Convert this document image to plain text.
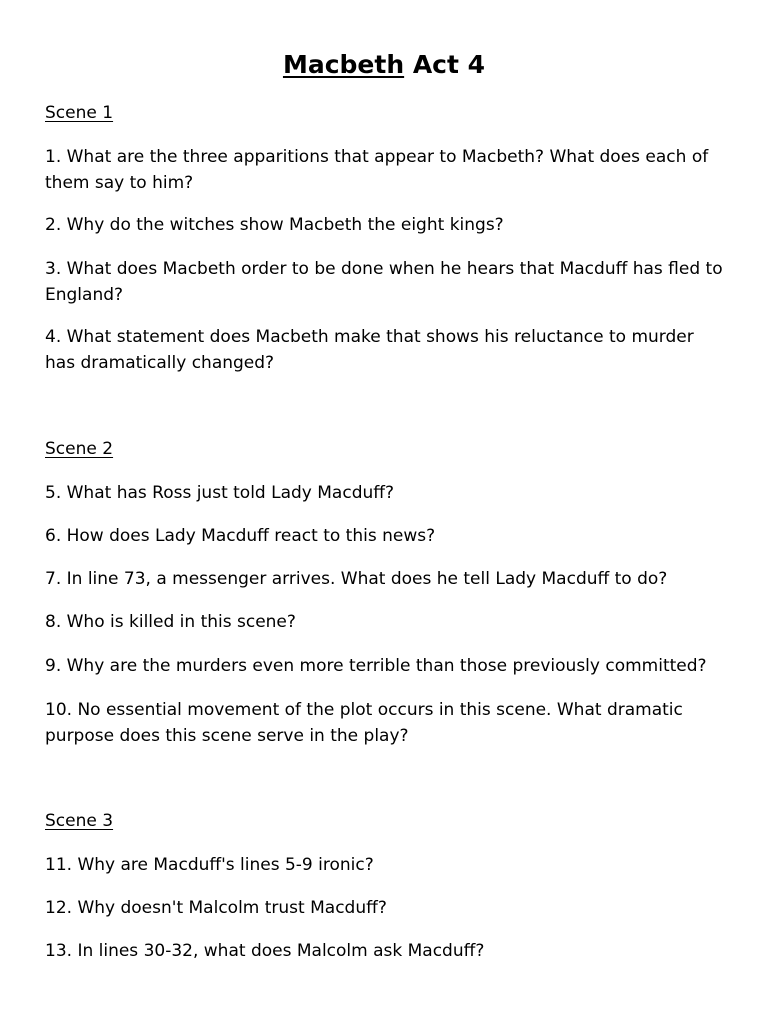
Macbeth Act 4
Scene 1

1. What are the three apparitions that appear to Macbeth? What does each of them say to him?

2. Why do the witches show Macbeth the eight kings?

3. What does Macbeth order to be done when he hears that Macduff has fled to England?

4. What statement does Macbeth make that shows his reluctance to murder has dramatically changed?

Scene 2

5. What has Ross just told Lady Macduff?

6. How does Lady Macduff react to this news?

7. In line 73, a messenger arrives. What does he tell Lady Macduff to do?

8. Who is killed in this scene?

9. Why are the murders even more terrible than those previously committed?

10. No essential movement of the plot occurs in this scene. What dramatic purpose does this scene serve in the play?

Scene 3

11. Why are Macduff's lines 5-9 ironic?

12. Why doesn't Malcolm trust Macduff?

13. In lines 30-32, what does Malcolm ask Macduff?
